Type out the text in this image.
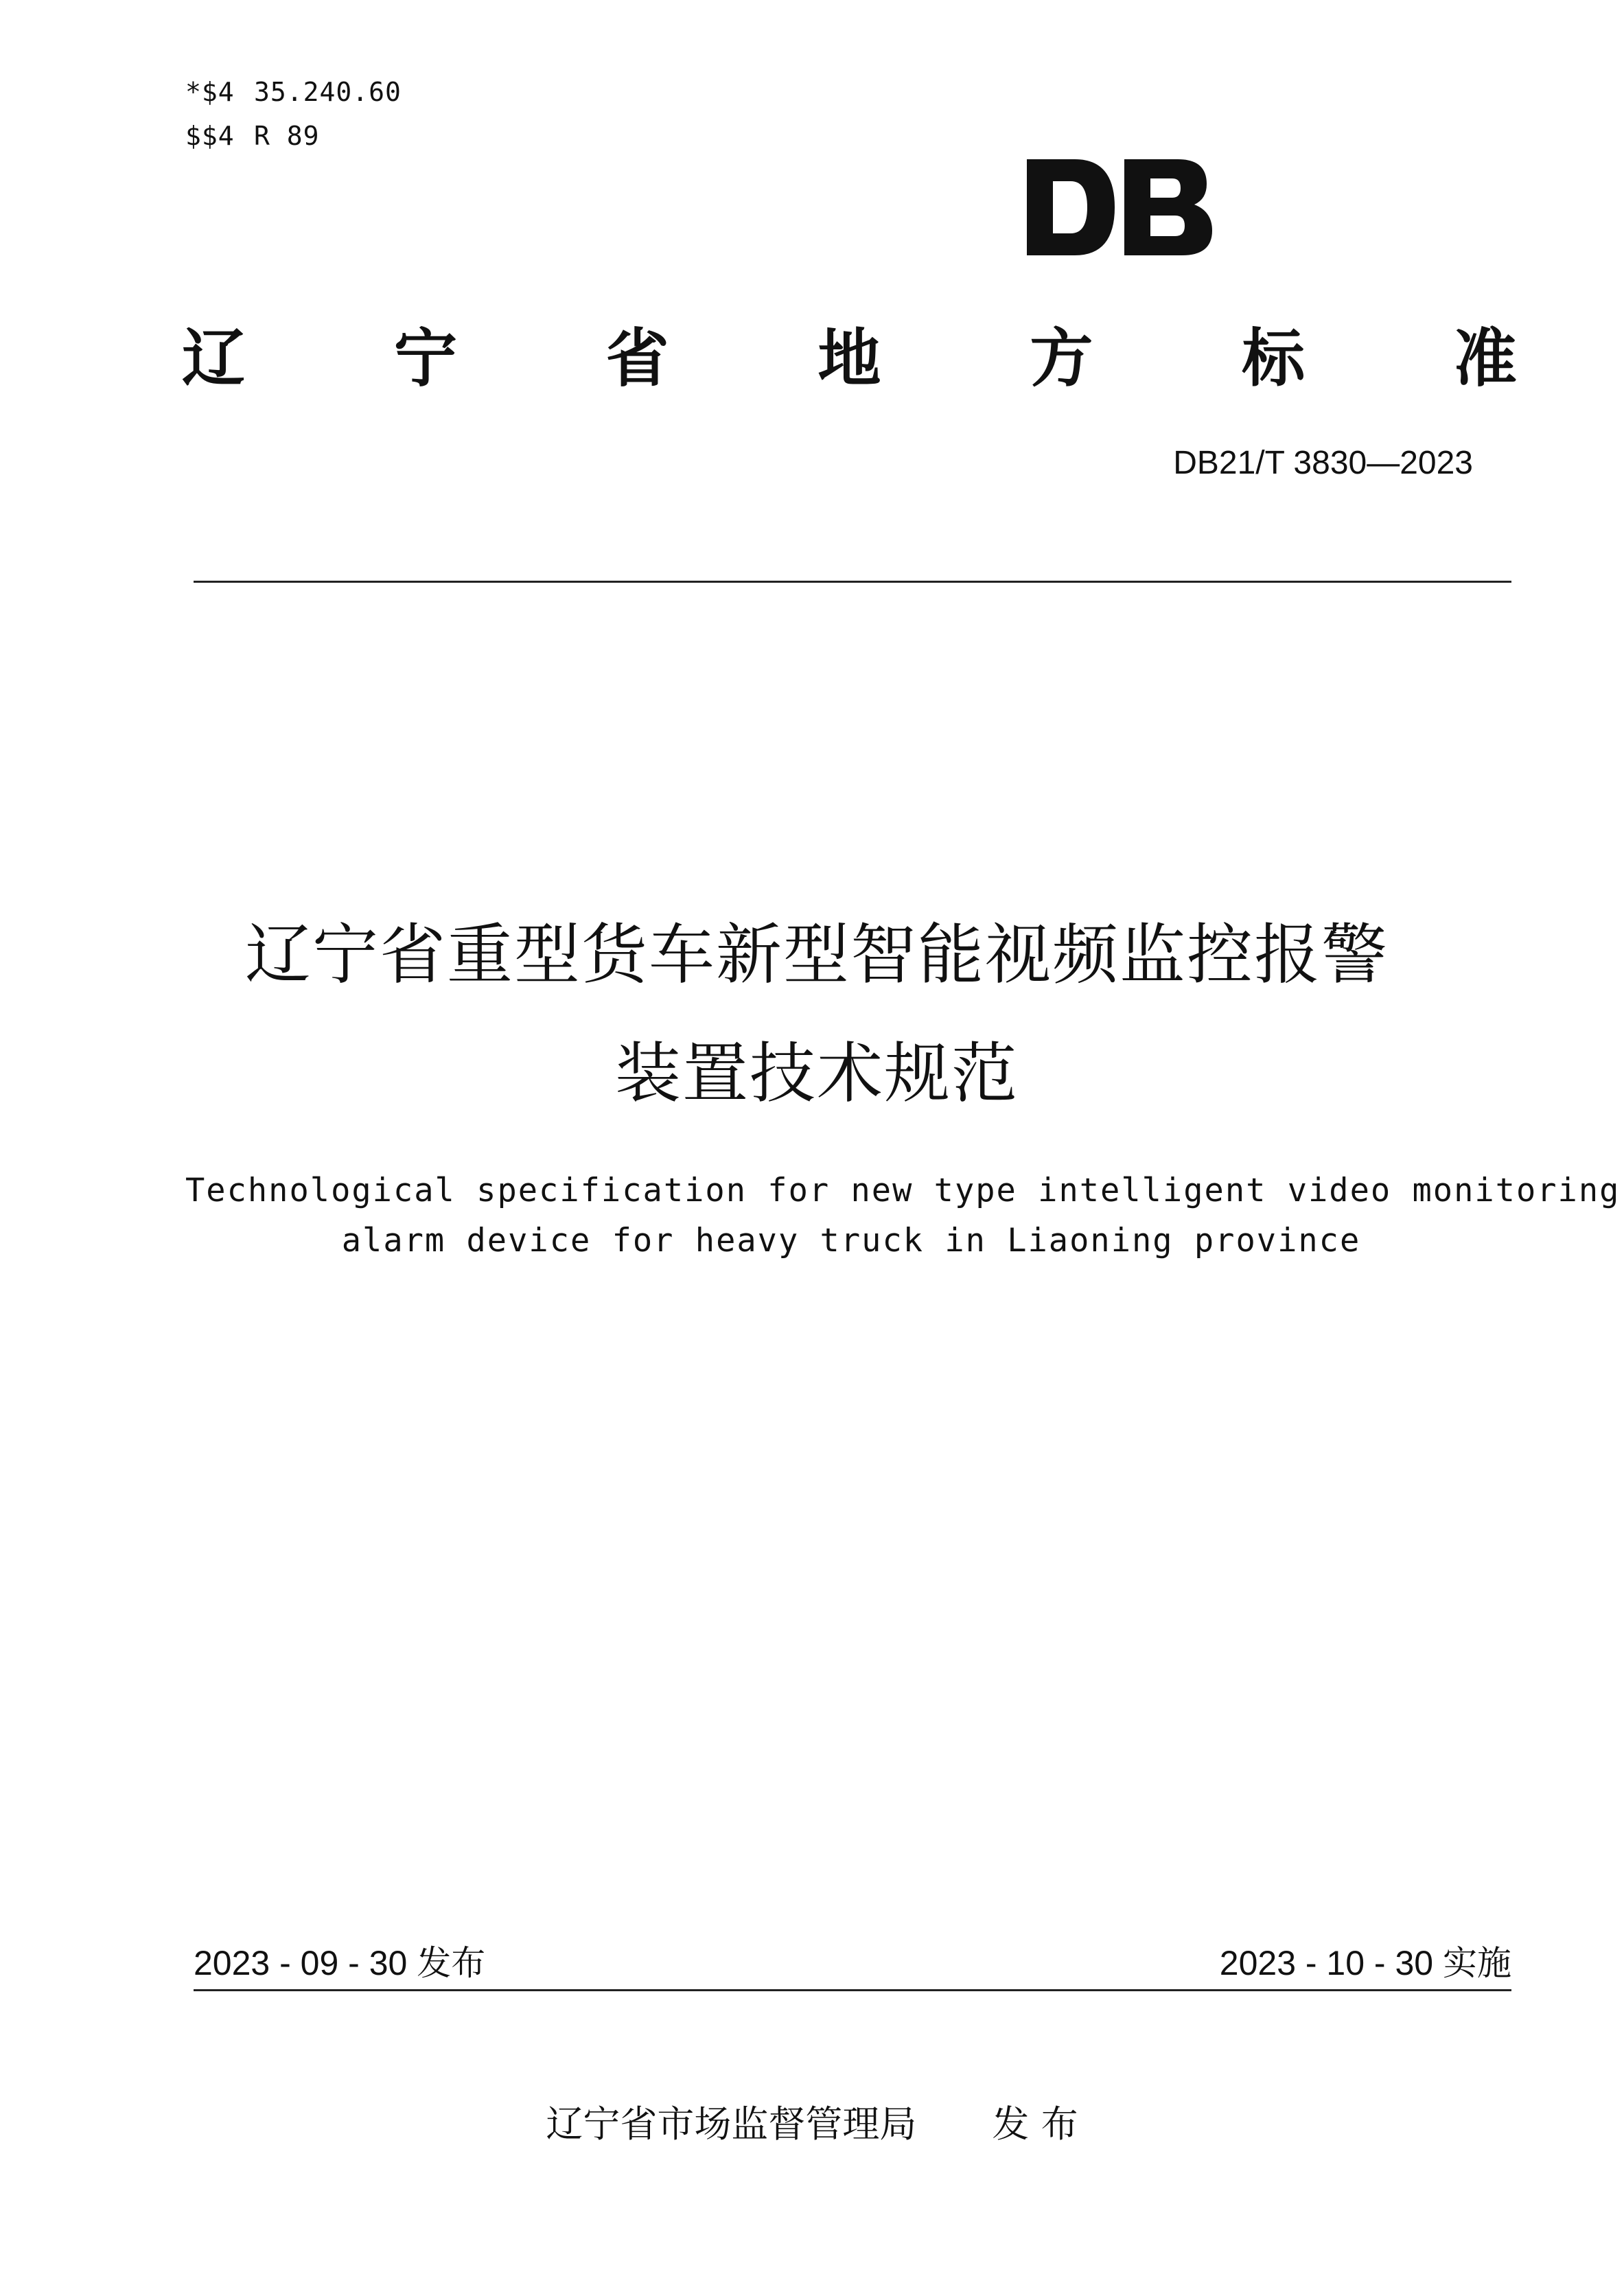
*$4 35.240.60
$$4 R 89
辽 宁 省 地 方 标 准
DB21/T 3830—2023
辽宁省重型货车新型智能视频监控报警
装置技术规范
Technological specification for new type intelligent video monitoring
alarm device for heavy truck in Liaoning province
2023 - 09 - 30 发布	2023 - 10 - 30 实施
辽宁省市场监督管理局 发 布
